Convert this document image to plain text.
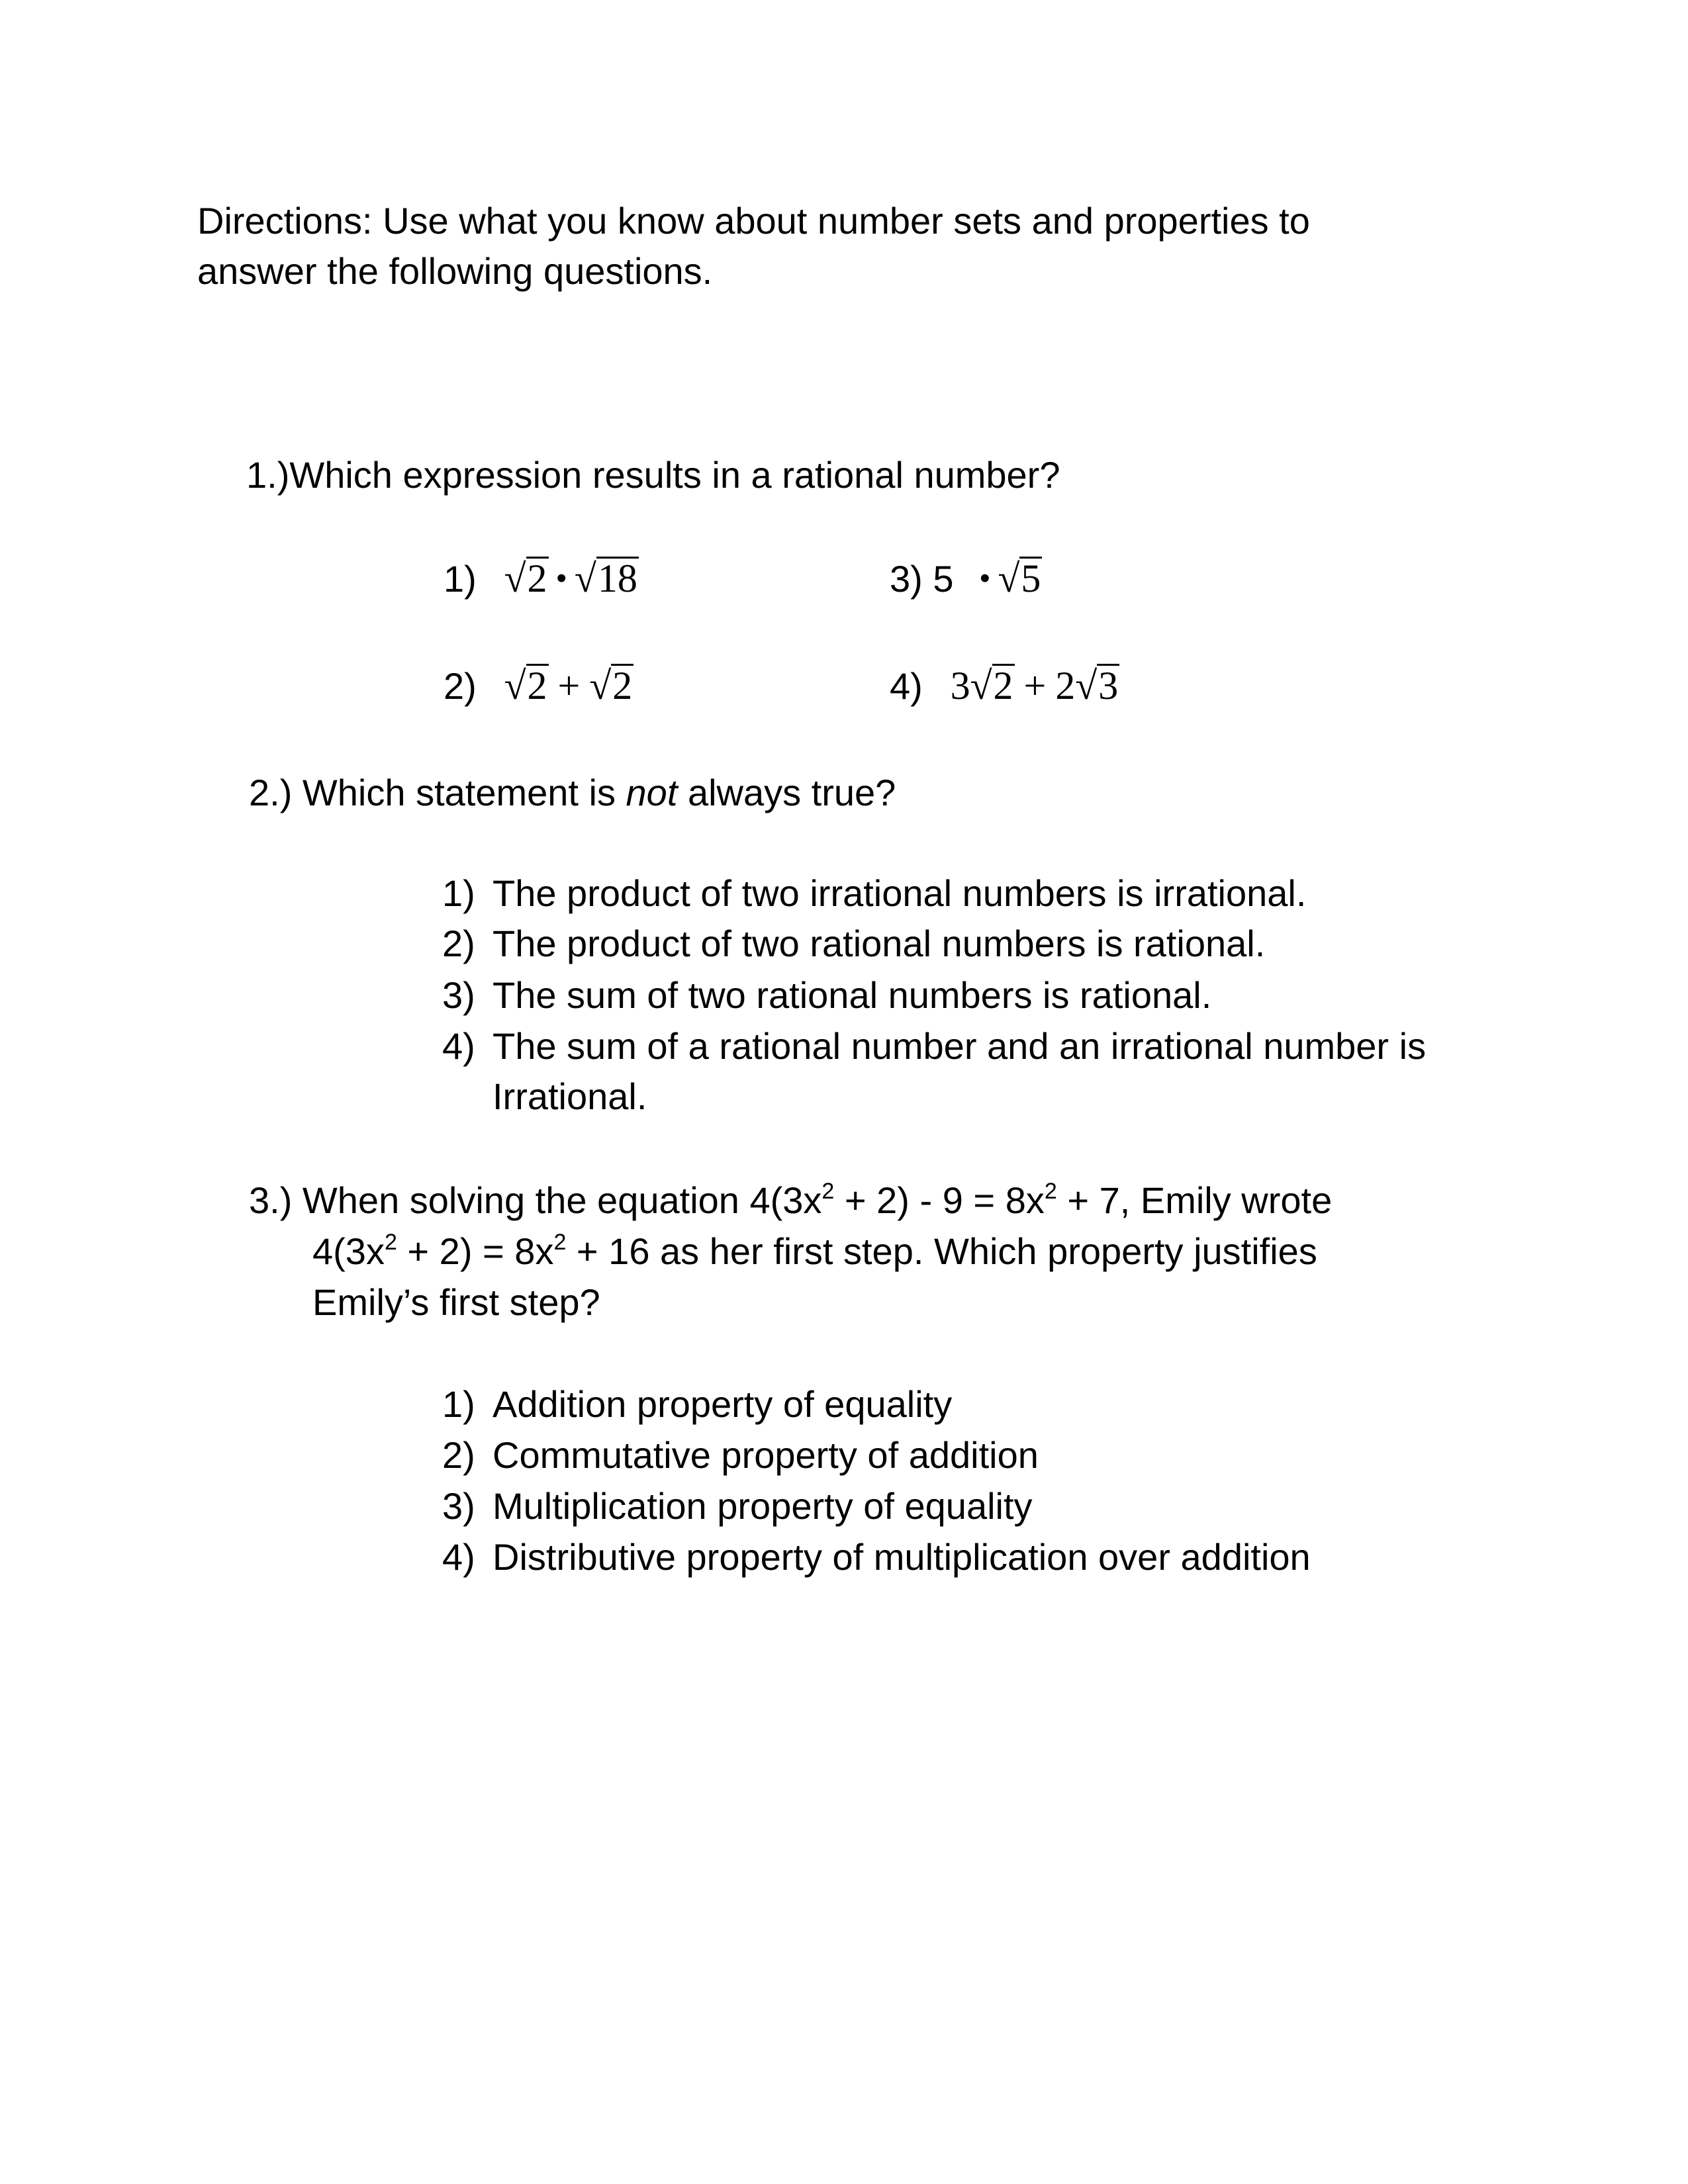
Directions: Use what you know about number sets and properties to
answer the following questions.
1.)Which expression results in a rational number?
1) √2 • √18
2) √2 + √2
3) 5 • √5
4) 3√2 + 2√3
2.) Which statement is not always true?
1) The product of two irrational numbers is irrational.
2) The product of two rational numbers is rational.
3) The sum of two rational numbers is rational.
4) The sum of a rational number and an irrational number is
Irrational.
3.) When solving the equation $4(3x^2 + 2) - 9 = 8x^2 + 7$, Emily wrote
$4(3x^2 + 2) = 8x^2 + 16$ as her first step. Which property justifies
Emily’s first step?
1) Addition property of equality
2) Commutative property of addition
3) Multiplication property of equality
4) Distributive property of multiplication over addition
